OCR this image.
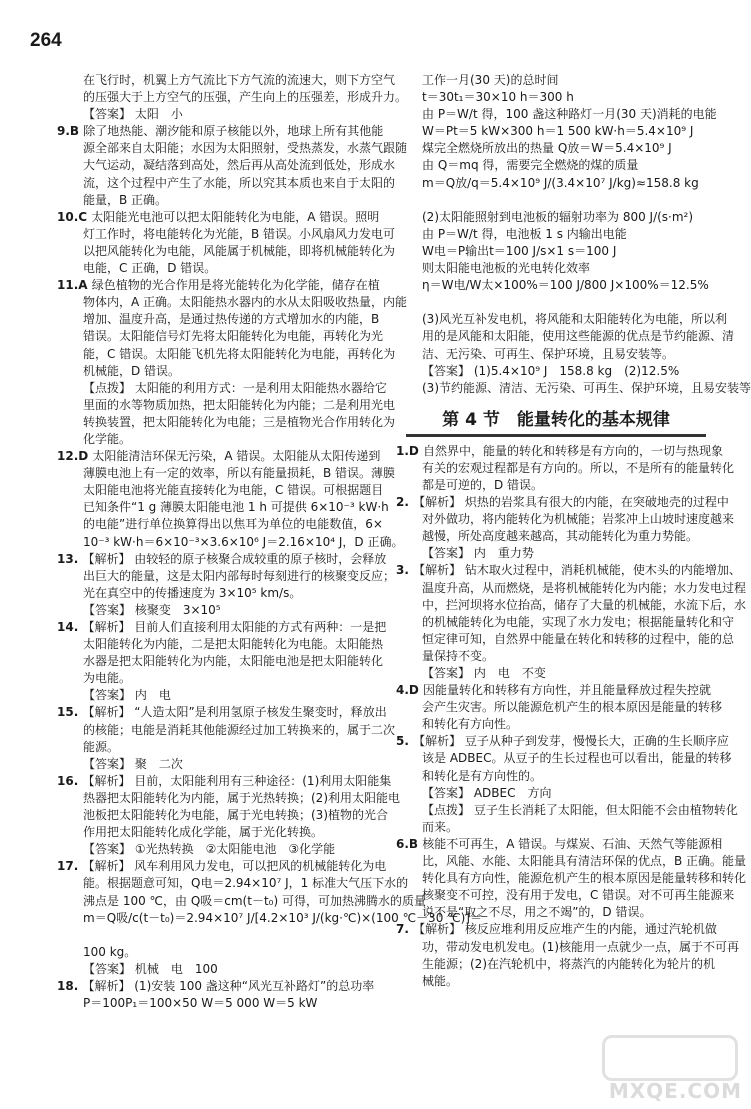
264
在飞行时，机翼上方气流比下方气流的流速大，则下方空气
的压强大于上方空气的压强，产生向上的压强差，形成升力。
【答案】 太阳　小
9.B 除了地热能、潮汐能和原子核能以外，地球上所有其他能
源全部来自太阳能；水因为太阳照射，受热蒸发，水蒸气跟随
大气运动，凝结落到高处，然后再从高处流到低处，形成水
流，这个过程中产生了水能，所以究其本质也来自于太阳的
能量，B 正确。
10.C 太阳能光电池可以把太阳能转化为电能，A 错误。照明
灯工作时，将电能转化为光能，B 错误。小风扇风力发电可
以把风能转化为电能，风能属于机械能，即将机械能转化为
电能，C 正确，D 错误。
11.A 绿色植物的光合作用是将光能转化为化学能，储存在植
物体内，A 正确。太阳能热水器内的水从太阳吸收热量，内能
增加、温度升高，是通过热传递的方式增加水的内能，B
错误。太阳能信号灯先将太阳能转化为电能，再转化为光
能，C 错误。太阳能飞机先将太阳能转化为电能，再转化为
机械能，D 错误。
【点拨】 太阳能的利用方式：一是利用太阳能热水器给它
里面的水等物质加热，把太阳能转化为内能；二是利用光电
转换装置，把太阳能转化为电能；三是植物光合作用转化为
化学能。
12.D 太阳能清洁环保无污染，A 错误。太阳能从太阳传递到
薄膜电池上有一定的效率，所以有能量损耗，B 错误。薄膜
太阳能电池将光能直接转化为电能，C 错误。可根据题目
已知条件“1 g 薄膜太阳能电池 1 h 可提供 6×10⁻³ kW·h
的电能”进行单位换算得出以焦耳为单位的电能数值，6×
10⁻³ kW·h＝6×10⁻³×3.6×10⁶ J＝2.16×10⁴ J，D 正确。
13. 【解析】 由较轻的原子核聚合成较重的原子核时，会释放
出巨大的能量，这是太阳内部每时每刻进行的核聚变反应；
光在真空中的传播速度为 3×10⁵ km/s。
【答案】 核聚变　3×10⁵
14. 【解析】 目前人们直接利用太阳能的方式有两种：一是把
太阳能转化为内能，二是把太阳能转化为电能。太阳能热
水器是把太阳能转化为内能，太阳能电池是把太阳能转化
为电能。
【答案】 内　电
15. 【解析】 “人造太阳”是利用氢原子核发生聚变时，释放出
的核能；电能是消耗其他能源经过加工转换来的，属于二次
能源。
【答案】 聚　二次
16. 【解析】 目前，太阳能利用有三种途径：(1)利用太阳能集
热器把太阳能转化为内能，属于光热转换；(2)利用太阳能电
池板把太阳能转化为电能，属于光电转换；(3)植物的光合
作用把太阳能转化成化学能，属于光化转换。
【答案】 ①光热转换　②太阳能电池　③化学能
17. 【解析】 风车利用风力发电，可以把风的机械能转化为电
能。根据题意可知，Q电＝2.94×10⁷ J，1 标准大气压下水的
沸点是 100 ℃，由 Q吸＝cm(t－t₀) 可得，可加热沸腾水的质量
m＝Q吸/c(t－t₀)＝2.94×10⁷ J/[4.2×10³ J/(kg·℃)×(100 ℃－30 ℃)]＝
100 kg。
【答案】 机械　电　100
18. 【解析】 (1)安装 100 盏这种“风光互补路灯”的总功率
P＝100P₁＝100×50 W＝5 000 W＝5 kW
工作一月(30 天)的总时间
t＝30t₁＝30×10 h＝300 h
由 P＝W/t 得，100 盏这种路灯一月(30 天)消耗的电能
W＝Pt＝5 kW×300 h＝1 500 kW·h＝5.4×10⁹ J
煤完全燃烧所放出的热量 Q放＝W＝5.4×10⁹ J
由 Q＝mq 得，需要完全燃烧的煤的质量
m＝Q放/q＝5.4×10⁹ J/(3.4×10⁷ J/kg)≈158.8 kg
(2)太阳能照射到电池板的辐射功率为 800 J/(s·m²)
由 P＝W/t 得，电池板 1 s 内输出电能
W电＝P输出t＝100 J/s×1 s＝100 J
则太阳能电池板的光电转化效率
η＝W电/W太×100%＝100 J/800 J×100%＝12.5%
(3)风光互补发电机，将风能和太阳能转化为电能，所以利
用的是风能和太阳能，使用这些能源的优点是节约能源、清
洁、无污染、可再生、保护环境，且易安装等。
【答案】 (1)5.4×10⁹ J　158.8 kg　(2)12.5%
(3)节约能源、清洁、无污染、可再生、保护环境，且易安装等
第 4 节　能量转化的基本规律
1.D 自然界中，能量的转化和转移是有方向的，一切与热现象
有关的宏观过程都是有方向的。所以，不是所有的能量转化
都是可逆的，D 错误。
2. 【解析】 炽热的岩浆具有很大的内能，在突破地壳的过程中
对外做功，将内能转化为机械能；岩浆冲上山坡时速度越来
越慢，所处高度越来越高，其动能转化为重力势能。
【答案】 内　重力势
3. 【解析】 钻木取火过程中，消耗机械能，使木头的内能增加、
温度升高，从而燃烧，是将机械能转化为内能；水力发电过程
中，拦河坝将水位抬高，储存了大量的机械能，水流下后，水
的机械能转化为电能，实现了水力发电；根据能量转化和守
恒定律可知，自然界中能量在转化和转移的过程中，能的总
量保持不变。
【答案】 内　电　不变
4.D 因能量转化和转移有方向性，并且能量释放过程失控就
会产生灾害。所以能源危机产生的根本原因是能量的转移
和转化有方向性。
5. 【解析】 豆子从种子到发芽，慢慢长大，正确的生长顺序应
该是 ADBEC。从豆子的生长过程也可以看出，能量的转移
和转化是有方向性的。
【答案】 ADBEC　方向
【点拨】 豆子生长消耗了太阳能，但太阳能不会由植物转化
而来。
6.B 核能不可再生，A 错误。与煤炭、石油、天然气等能源相
比，风能、水能、太阳能具有清洁环保的优点，B 正确。能量
转化具有方向性，能源危机产生的根本原因是能量转移和转化
核聚变不可控，没有用于发电，C 错误。对不可再生能源来
说不是“取之不尽，用之不竭”的，D 错误。
7. 【解析】 核反应堆利用反应堆产生的内能，通过汽轮机做
功，带动发电机发电。(1)核能用一点就少一点，属于不可再
生能源；(2)在汽轮机中，将蒸汽的内能转化为轮片的机
械能。
MXQE.COM
